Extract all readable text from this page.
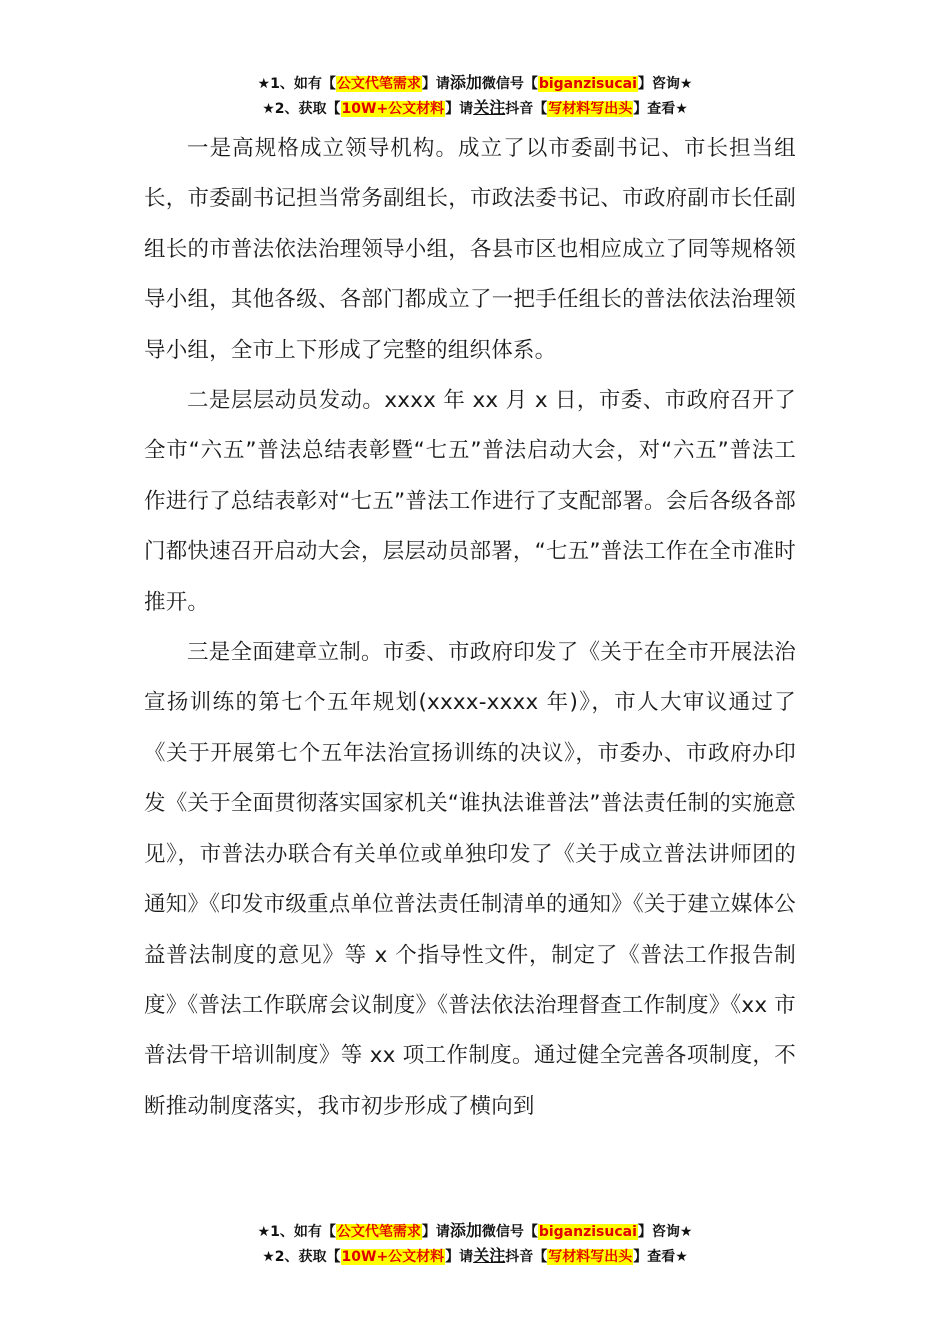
★1、如有【公文代笔需求】请添加微信号【biganzisucai】咨询★
★2、获取【10W+公文材料】请关注抖音【写材料写出头】查看★

一是高规格成立领导机构。成立了以市委副书记、市长担当组长，市委副书记担当常务副组长，市政法委书记、市政府副市长任副组长的市普法依法治理领导小组，各县市区也相应成立了同等规格领导小组，其他各级、各部门都成立了一把手任组长的普法依法治理领导小组，全市上下形成了完整的组织体系。

二是层层动员发动。xxxx 年 xx 月 x 日，市委、市政府召开了全市“六五”普法总结表彰暨“七五”普法启动大会，对“六五”普法工作进行了总结表彰对“七五”普法工作进行了支配部署。会后各级各部门都快速召开启动大会，层层动员部署，“七五”普法工作在全市准时推开。

三是全面建章立制。市委、市政府印发了《关于在全市开展法治宣扬训练的第七个五年规划(xxxx-xxxx 年)》，市人大审议通过了《关于开展第七个五年法治宣扬训练的决议》，市委办、市政府办印发《关于全面贯彻落实国家机关“谁执法谁普法”普法责任制的实施意见》，市普法办联合有关单位或单独印发了《关于成立普法讲师团的通知》《印发市级重点单位普法责任制清单的通知》《关于建立媒体公益普法制度的意见》等 x 个指导性文件，制定了《普法工作报告制度》《普法工作联席会议制度》《普法依法治理督查工作制度》《xx 市普法骨干培训制度》等 xx 项工作制度。通过健全完善各项制度，不断推动制度落实，我市初步形成了横向到

★1、如有【公文代笔需求】请添加微信号【biganzisucai】咨询★
★2、获取【10W+公文材料】请关注抖音【写材料写出头】查看★
